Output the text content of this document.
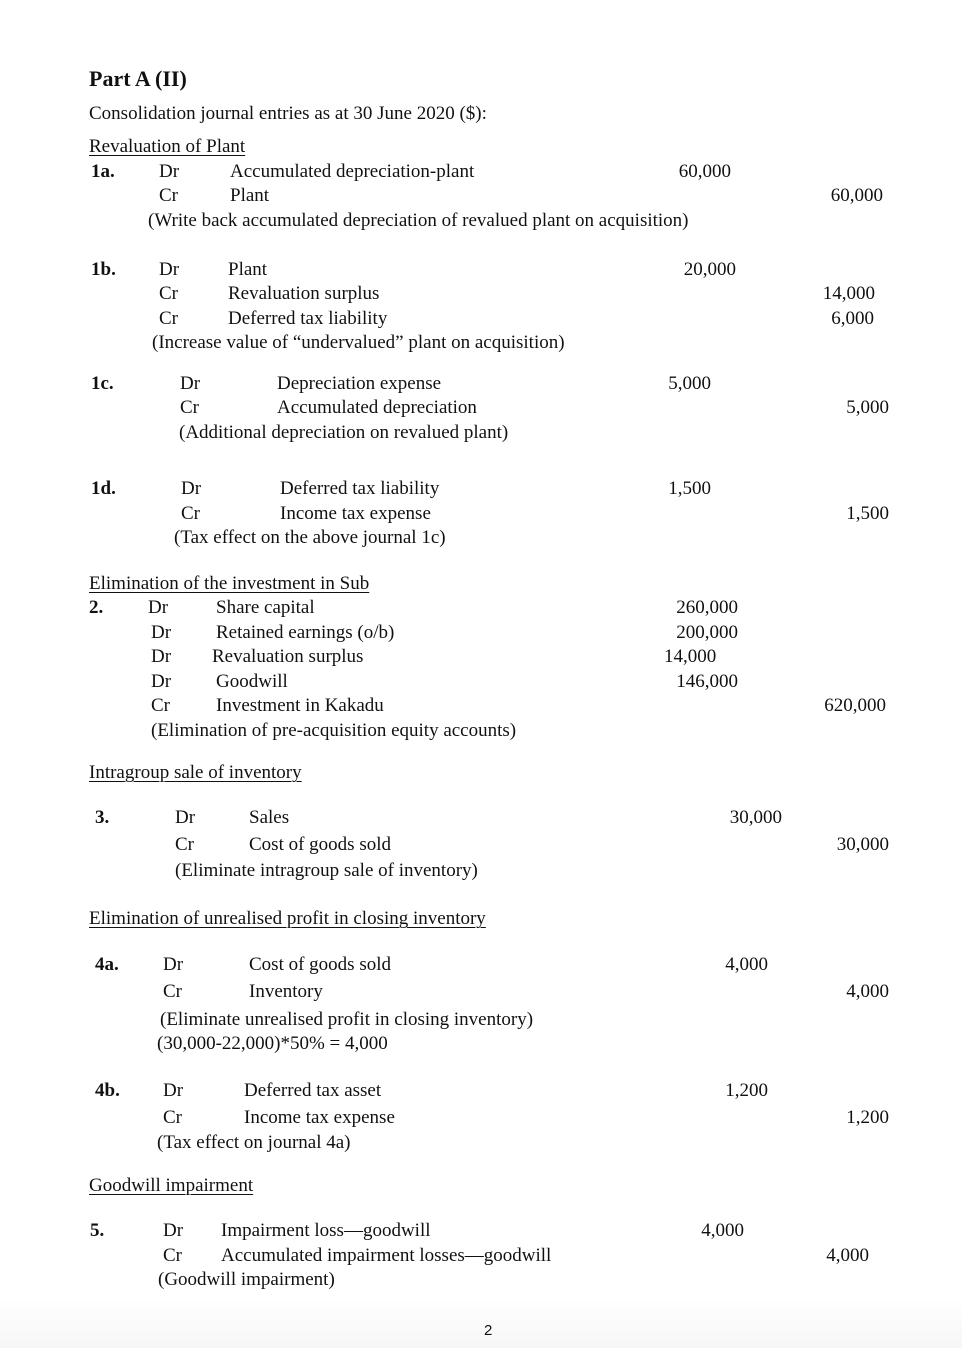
Part A (II)
Consolidation journal entries as at 30 June 2020 ($):
Revaluation of Plant
1a. Dr	Accumulated depreciation-plant	60,000
Cr	Plant	60,000
(Write back accumulated depreciation of revalued plant on acquisition)
1b. Dr	Plant	20,000
Cr	Revaluation surplus	14,000
Cr	Deferred tax liability	6,000
(Increase value of “undervalued” plant on acquisition)
1c.	Dr	Depreciation expense	5,000
Cr	Accumulated depreciation	5,000
(Additional depreciation on revalued plant)
1d.	Dr	Deferred tax liability	1,500
Cr	Income tax expense	1,500
(Tax effect on the above journal 1c)
Elimination of the investment in Sub
2. Dr	Share capital	260,000
Dr Retained earnings (o/b)	200,000
Dr Revaluation surplus	14,000
Dr Goodwill	146,000
Cr Investment in Kakadu	620,000
(Elimination of pre-acquisition equity accounts)
Intragroup sale of inventory
3.	Dr	Sales	30,000
Cr	Cost of goods sold	30,000
(Eliminate intragroup sale of inventory)
Elimination of unrealised profit in closing inventory
4a. Dr	Cost of goods sold	4,000
Cr	Inventory	4,000
(Eliminate unrealised profit in closing inventory)
(30,000-22,000)*50% = 4,000
4b. Dr	Deferred tax asset	1,200
Cr	Income tax expense	1,200
(Tax effect on journal 4a)
Goodwill impairment
5.	Dr Impairment loss—goodwill	4,000
Cr Accumulated impairment losses—goodwill	4,000
(Goodwill impairment)
2
